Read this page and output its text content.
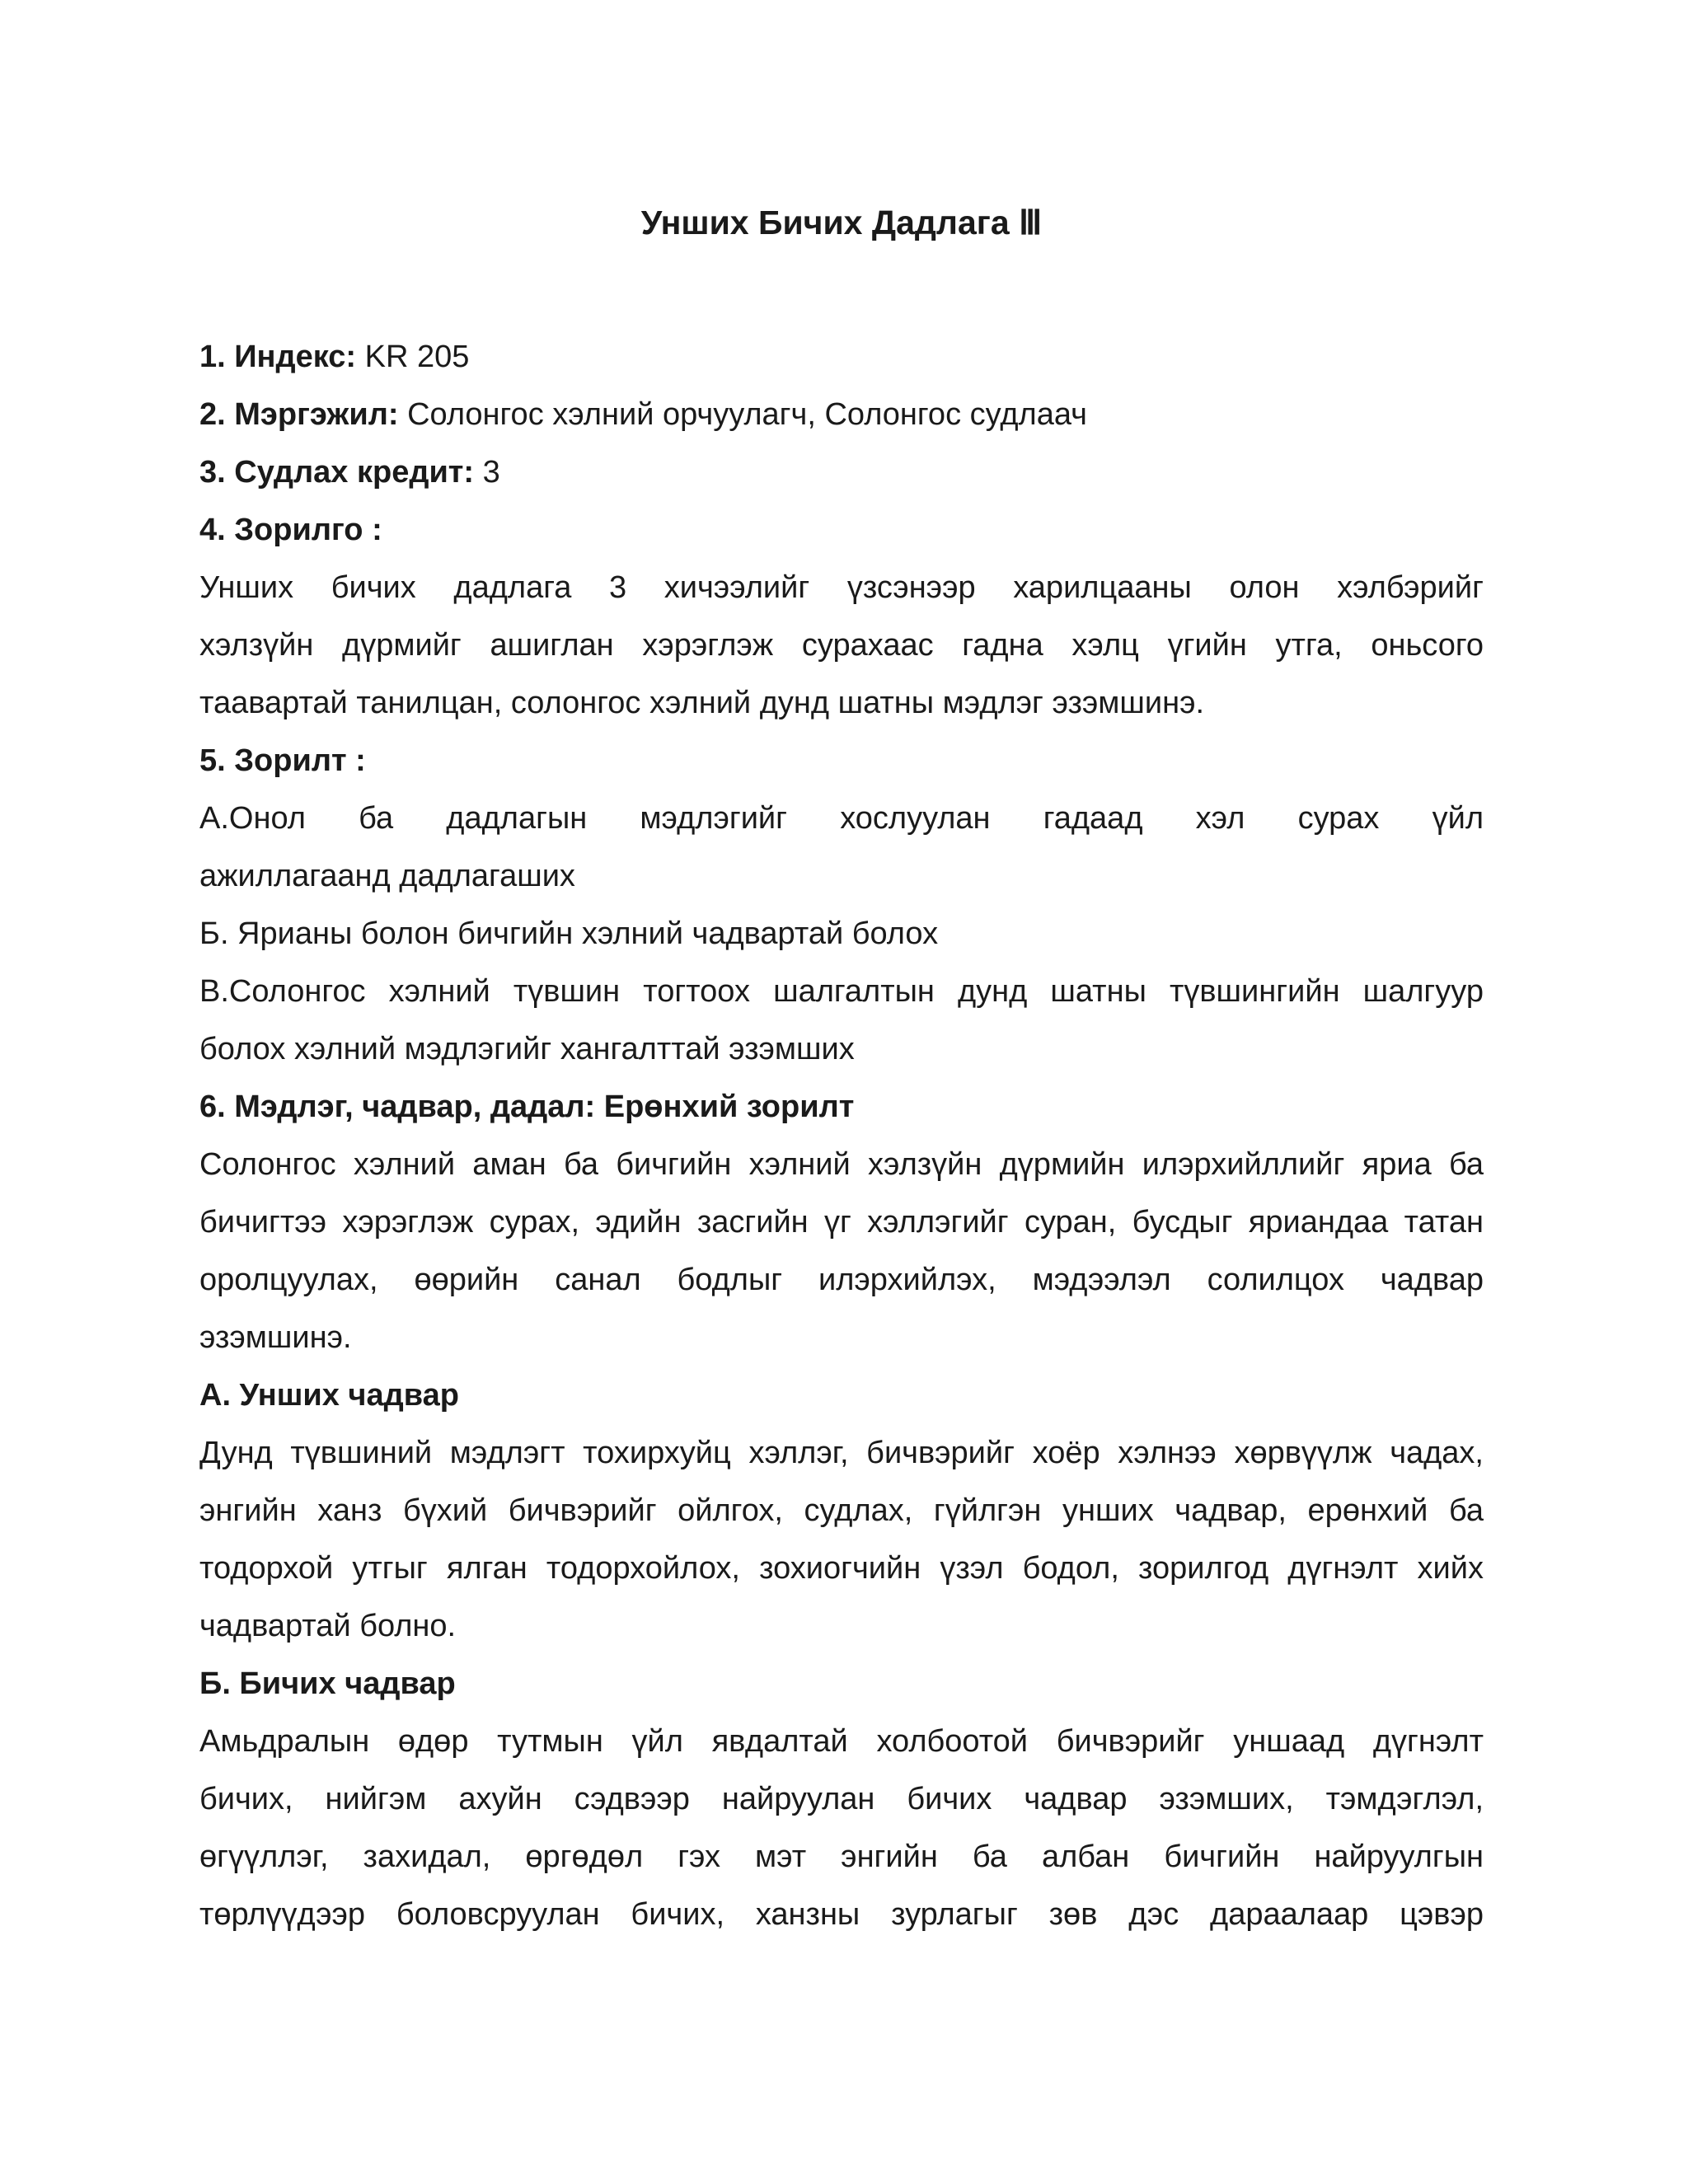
Унших Бичих Дадлага Ⅲ
1. Индекс: KR 205
2. Мэргэжил: Солонгос хэлний орчуулагч, Солонгос судлаач
3. Судлах кредит: 3
4. Зорилго :
Унших бичих дадлага 3 хичээлийг үзсэнээр харилцааны олон хэлбэрийг
хэлзүйн дүрмийг ашиглан хэрэглэж сурахаас гадна хэлц үгийн утга, оньсого
таавартай танилцан, солонгос хэлний дунд шатны мэдлэг эзэмшинэ.
5. Зорилт :
А.Онол ба дадлагын мэдлэгийг хослуулан гадаад хэл сурах үйл
ажиллагаанд дадлагаших
Б. Ярианы болон бичгийн хэлний чадвартай болох
В.Солонгос хэлний түвшин тогтоох шалгалтын дунд шатны түвшингийн шалгуур
болох хэлний мэдлэгийг хангалттай эзэмших
6. Мэдлэг, чадвар, дадал: Ерөнхий зорилт
Солонгос хэлний аман ба бичгийн хэлний хэлзүйн дүрмийн илэрхийллийг яриа ба
бичигтээ хэрэглэж сурах, эдийн засгийн үг хэллэгийг суран, бусдыг яриандаа татан
оролцуулах, өөрийн санал бодлыг илэрхийлэх, мэдээлэл солилцох чадвар
эзэмшинэ.
А. Унших чадвар
Дунд түвшиний мэдлэгт тохирхуйц хэллэг, бичвэрийг хоёр хэлнээ хөрвүүлж чадах,
энгийн ханз бүхий бичвэрийг ойлгох, судлах, гүйлгэн унших чадвар, ерөнхий ба
тодорхой утгыг ялган тодорхойлох, зохиогчийн үзэл бодол, зорилгод дүгнэлт хийх
чадвартай болно.
Б. Бичих чадвар
Амьдралын өдөр тутмын үйл явдалтай холбоотой бичвэрийг уншаад дүгнэлт
бичих, нийгэм ахуйн сэдвээр найруулан бичих чадвар эзэмших, тэмдэглэл,
өгүүллэг, захидал, өргөдөл гэх мэт энгийн ба албан бичгийн найруулгын
төрлүүдээр боловсруулан бичих, ханзны зурлагыг зөв дэс дараалаар цэвэр
